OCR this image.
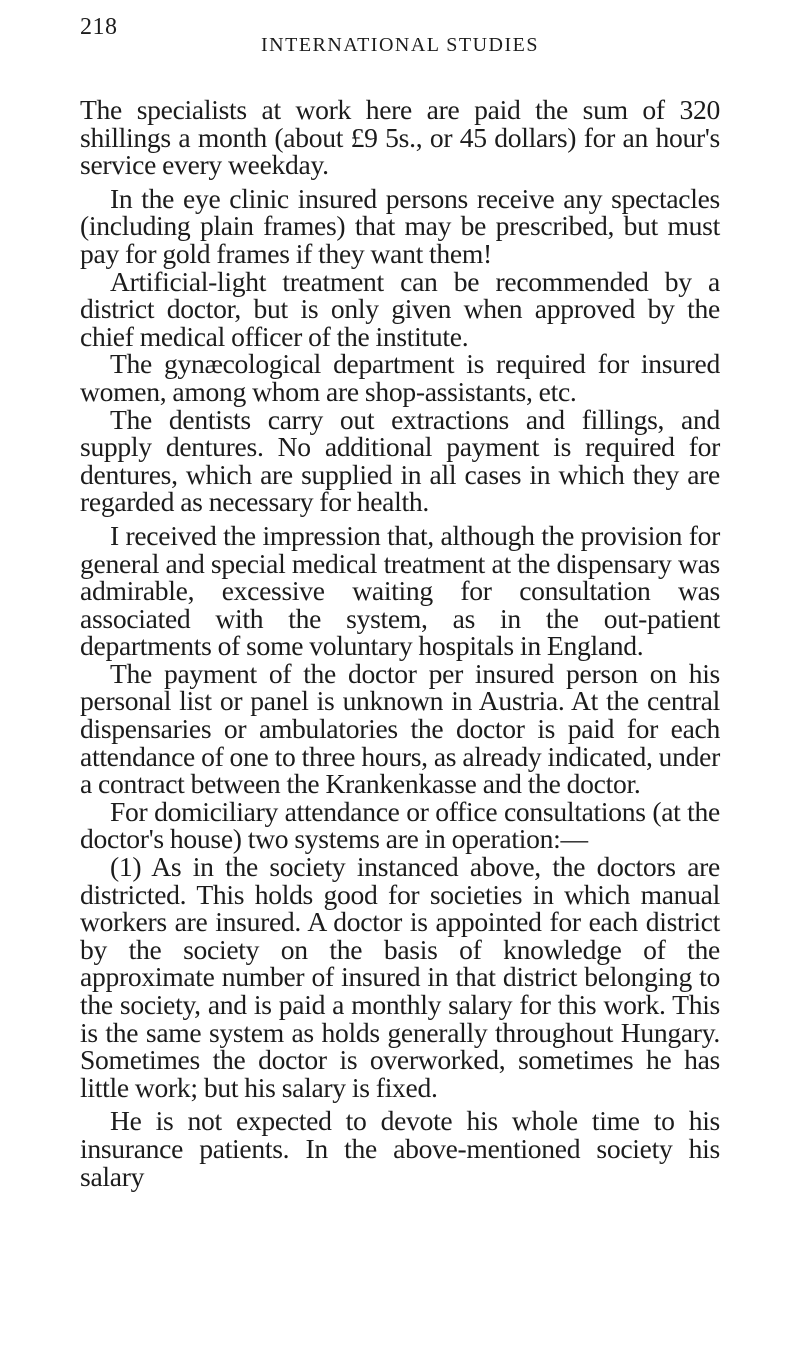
218
INTERNATIONAL STUDIES

The specialists at work here are paid the sum of 320 shillings a month (about £9 5s., or 45 dollars) for an hour's service every weekday.

In the eye clinic insured persons receive any spectacles (including plain frames) that may be prescribed, but must pay for gold frames if they want them!

Artificial-light treatment can be recommended by a district doctor, but is only given when approved by the chief medical officer of the institute.

The gynæcological department is required for insured women, among whom are shop-assistants, etc.

The dentists carry out extractions and fillings, and supply dentures. No additional payment is required for dentures, which are supplied in all cases in which they are regarded as necessary for health.

I received the impression that, although the provision for general and special medical treatment at the dispensary was admirable, excessive waiting for consultation was associated with the system, as in the out-patient departments of some voluntary hospitals in England.

The payment of the doctor per insured person on his personal list or panel is unknown in Austria. At the central dispensaries or ambulatories the doctor is paid for each attendance of one to three hours, as already indicated, under a contract between the Krankenkasse and the doctor.

For domiciliary attendance or office consultations (at the doctor's house) two systems are in operation:—

(1) As in the society instanced above, the doctors are districted. This holds good for societies in which manual workers are insured. A doctor is appointed for each district by the society on the basis of knowledge of the approximate number of insured in that district belonging to the society, and is paid a monthly salary for this work. This is the same system as holds generally throughout Hungary. Sometimes the doctor is overworked, sometimes he has little work; but his salary is fixed.

He is not expected to devote his whole time to his insurance patients. In the above-mentioned society his salary
